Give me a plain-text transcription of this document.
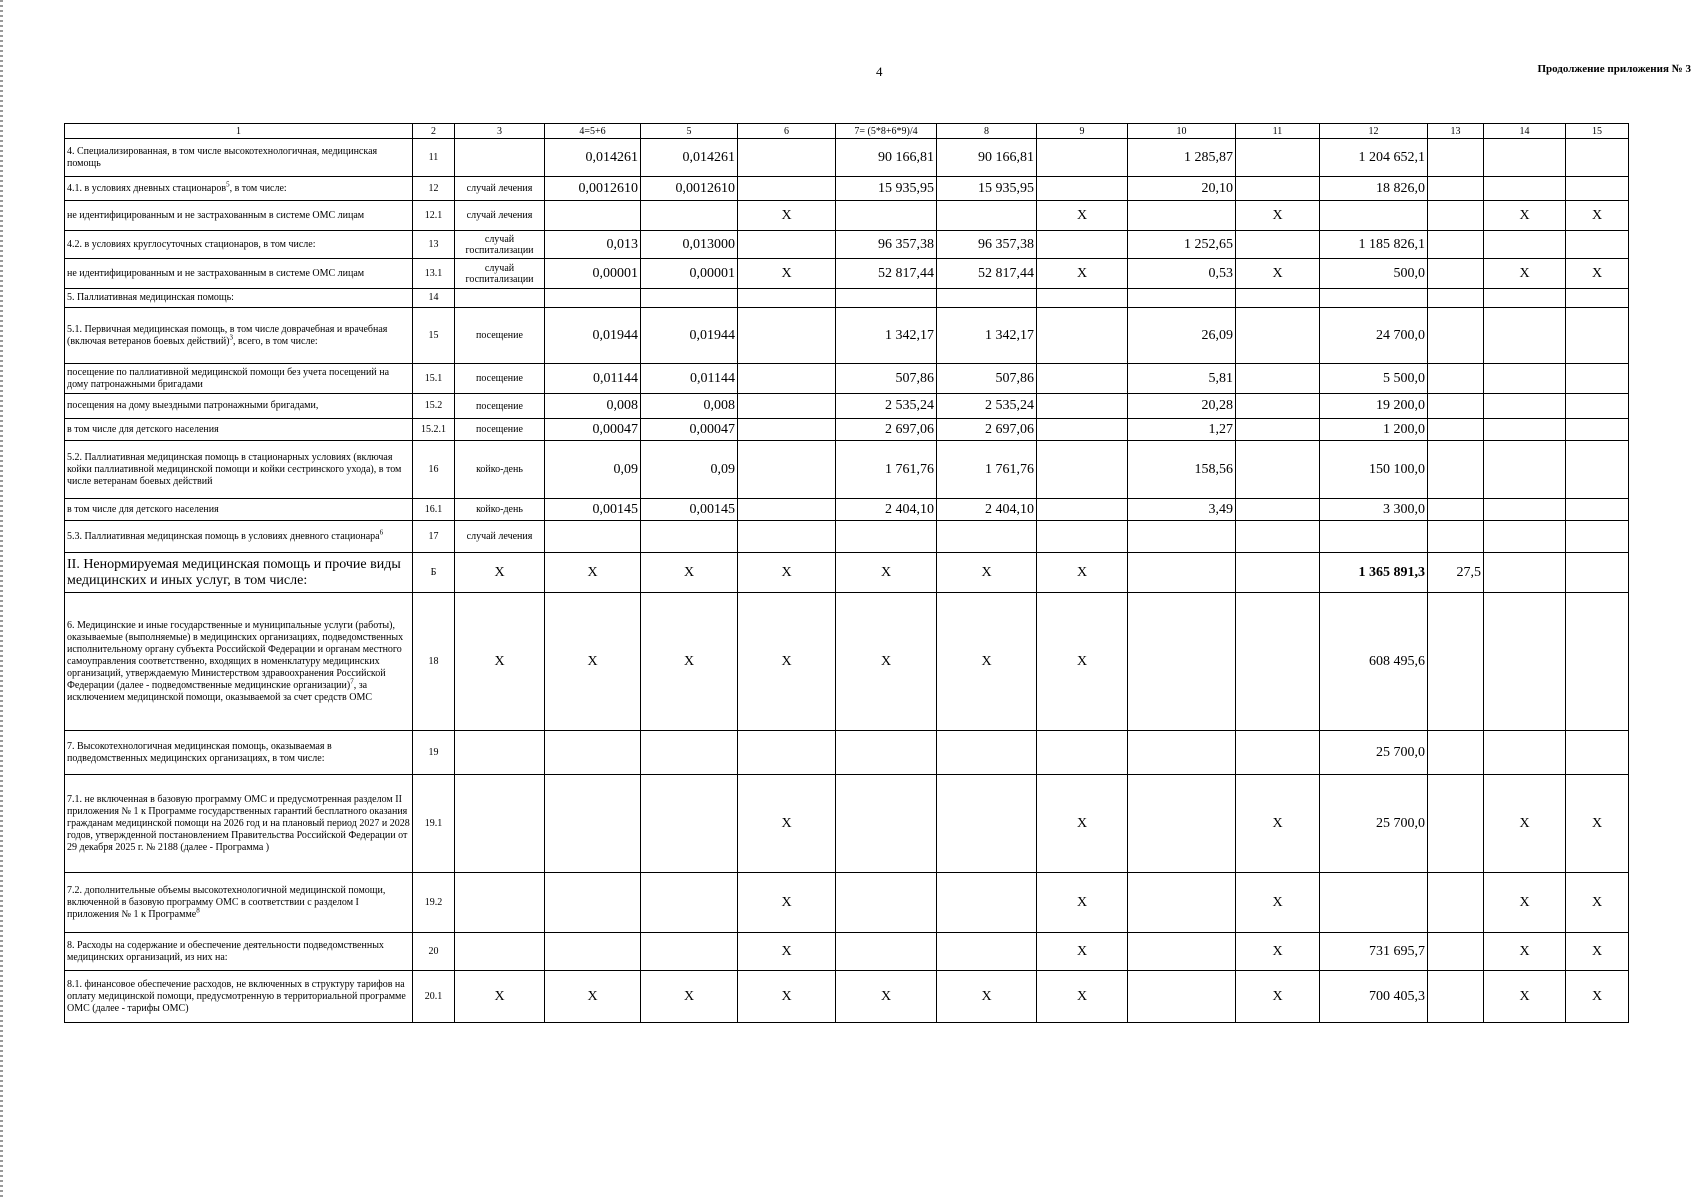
4	Продолжение приложения № 3
1	2	3	4=5+6	5	6	7= (5*8+6*9)/4	8	9	10	11	12	13	14	15
4. Специализированная, в том числе высокотехнологичная, медицинская помощь	11		0,014261	0,014261		90 166,81	90 166,81		1 285,87		1 204 652,1			
4.1. в условиях дневных стационаров$^5$, в том числе:	12	случай лечения	0,0012610	0,0012610		15 935,95	15 935,95		20,10		18 826,0			
не идентифицированным и не застрахованным в системе ОМС лицам	12.1	случай лечения			X			X		X			X	X
4.2. в условиях круглосуточных стационаров, в том числе:	13	случай госпитализации	0,013	0,013000		96 357,38	96 357,38		1 252,65		1 185 826,1			
не идентифицированным и не застрахованным в системе ОМС лицам	13.1	случай госпитализации	0,00001	0,00001	X	52 817,44	52 817,44	X	0,53	X	500,0		X	X
5. Паллиативная медицинская помощь:	14													
5.1. Первичная медицинская помощь, в том числе доврачебная и врачебная (включая ветеранов боевых действий)$^3$, всего, в том числе:	15	посещение	0,01944	0,01944		1 342,17	1 342,17		26,09		24 700,0			
посещение по паллиативной медицинской помощи без учета посещений на дому патронажными бригадами	15.1	посещение	0,01144	0,01144		507,86	507,86		5,81		5 500,0			
посещения на дому выездными патронажными бригадами,	15.2	посещение	0,008	0,008		2 535,24	2 535,24		20,28		19 200,0			
в том числе для детского населения	15.2.1	посещение	0,00047	0,00047		2 697,06	2 697,06		1,27		1 200,0			
5.2. Паллиативная медицинская помощь в стационарных условиях (включая койки паллиативной медицинской помощи и койки сестринского ухода), в том числе ветеранам боевых действий	16	койко-день	0,09	0,09		1 761,76	1 761,76		158,56		150 100,0			
в том числе для детского населения	16.1	койко-день	0,00145	0,00145		2 404,10	2 404,10		3,49		3 300,0			
5.3. Паллиативная медицинская помощь в условиях дневного стационара$^6$	17	случай лечения												
II. Ненормируемая медицинская помощь и прочие виды медицинских и иных услуг, в том числе:	Б	X	X	X	X	X	X	X			1 365 891,3	27,5		
6. Медицинские и иные государственные и муниципальные услуги (работы), оказываемые (выполняемые) в медицинских организациях, подведомственных исполнительному органу субъекта Российской Федерации и органам местного самоуправления соответственно, входящих в номенклатуру медицинских организаций, утверждаемую Министерством здравоохранения Российской Федерации (далее - подведомственные медицинские организации)$^7$, за исключением медицинской помощи, оказываемой за счет средств ОМС	18	X	X	X	X	X	X	X			608 495,6			
7. Высокотехнологичная медицинская помощь, оказываемая в подведомственных медицинских организациях, в том числе:	19										25 700,0			
7.1. не включенная в базовую программу ОМС и предусмотренная разделом II приложения № 1 к Программе государственных гарантий бесплатного оказания гражданам медицинской помощи на 2026 год и на плановый период 2027 и 2028 годов, утвержденной постановлением Правительства Российской Федерации от 29 декабря 2025 г. № 2188 (далее - Программа )	19.1				X			X		X	25 700,0		X	X
7.2. дополнительные объемы высокотехнологичной медицинской помощи, включенной в базовую программу ОМС в соответствии с разделом I приложения № 1 к Программе$^8$	19.2				X			X		X			X	X
8. Расходы на содержание и обеспечение деятельности подведомственных медицинских организаций, из них на:	20				X			X		X	731 695,7		X	X
8.1. финансовое обеспечение расходов, не включенных в структуру тарифов на оплату медицинской помощи, предусмотренную в территориальной программе ОМС (далее - тарифы ОМС)	20.1	X	X	X	X	X	X	X		X	700 405,3		X	X
